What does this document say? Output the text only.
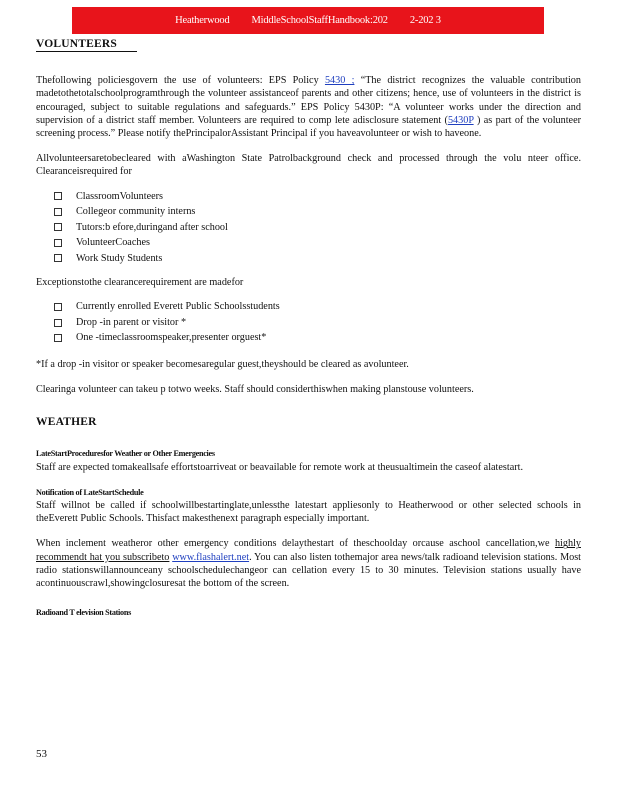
Heatherwood MiddleSchoolStaffHandbook:202 2-202 3
VOLUNTEERS

Thefollowing policiesgovern the use of volunteers: EPS Policy 5430 ; “The district recognizes the valuable contribution madetothetotalschoolprogramthrough the volunteer assistanceof parents and other citizens; hence, use of volunteers in the district is encouraged, subject to suitable regulations and safeguards.” EPS Policy 5430P: “A volunteer works under the direction and supervision of a district staff member. Volunteers are required to comp lete adisclosure statement (5430P ) as part of the volunteer screening process.” Please notify thePrincipalorAssistant Principal if you haveavolunteer or wish to haveone.

Allvolunteersaretobecleared with aWashington State Patrolbackground check and processed through the volu nteer office. Clearanceisrequired for

ClassroomVolunteers
Collegeor community interns
Tutors:b efore,duringand after school
VolunteerCoaches
Work Study Students

Exceptionstothe clearancerequirement are madefor

Currently enrolled Everett Public Schoolsstudents
Drop -in parent or visitor *
One -timeclassroomspeaker,presenter orguest*

*If a drop -in visitor or speaker becomesaregular guest,theyshould be cleared as avolunteer.

Clearinga volunteer can takeu p totwo weeks. Staff should considerthiswhen making planstouse volunteers.

WEATHER
LateStartProceduresfor Weather or Other Emergencies

Staff are expected tomakeallsafe effortstoarriveat or beavailable for remote work at theusualtimein the caseof alatestart.

Notification of LateStartSchedule

Staff willnot be called if schoolwillbestartinglate,unlessthe latestart appliesonly to Heatherwood or other selected schools in theEverett Public Schools. Thisfact makesthenext paragraph especially important.

When inclement weatheror other emergency conditions delaythestart of theschoolday orcause aschool cancellation,we highly recommendt hat you subscribeto www.flashalert.net. You can also listen tothemajor area news/talk radioand television stations. Most radio stationswillannounceany schoolschedulechangeor can cellation every 15 to 30 minutes. Television stations usually have acontinuouscrawl,showingclosuresat the bottom of the screen.

Radioand T elevision Stations
53
